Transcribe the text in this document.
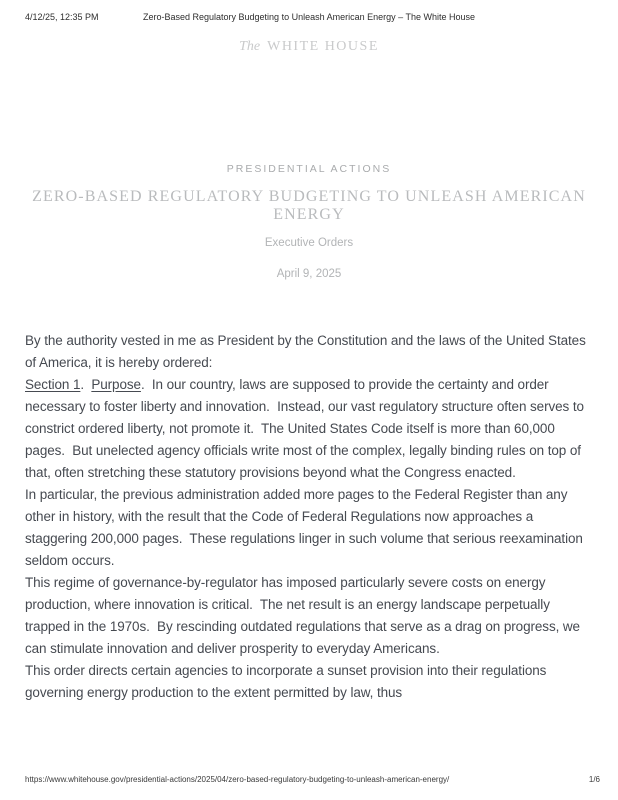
4/12/25, 12:35 PM	Zero-Based Regulatory Budgeting to Unleash American Energy – The White House
The WHITE HOUSE
PRESIDENTIAL ACTIONS
ZERO-BASED REGULATORY BUDGETING TO UNLEASH AMERICAN ENERGY
Executive Orders
April 9, 2025

By the authority vested in me as President by the Constitution and the laws of the United States of America, it is hereby ordered:

Section 1.  Purpose.  In our country, laws are supposed to provide the certainty and order necessary to foster liberty and innovation.  Instead, our vast regulatory structure often serves to constrict ordered liberty, not promote it.  The United States Code itself is more than 60,000 pages.  But unelected agency officials write most of the complex, legally binding rules on top of that, often stretching these statutory provisions beyond what the Congress enacted.

In particular, the previous administration added more pages to the Federal Register than any other in history, with the result that the Code of Federal Regulations now approaches a staggering 200,000 pages.  These regulations linger in such volume that serious reexamination seldom occurs.

This regime of governance-by-regulator has imposed particularly severe costs on energy production, where innovation is critical.  The net result is an energy landscape perpetually trapped in the 1970s.  By rescinding outdated regulations that serve as a drag on progress, we can stimulate innovation and deliver prosperity to everyday Americans.

This order directs certain agencies to incorporate a sunset provision into their regulations governing energy production to the extent permitted by law, thus

https://www.whitehouse.gov/presidential-actions/2025/04/zero-based-regulatory-budgeting-to-unleash-american-energy/	1/6
